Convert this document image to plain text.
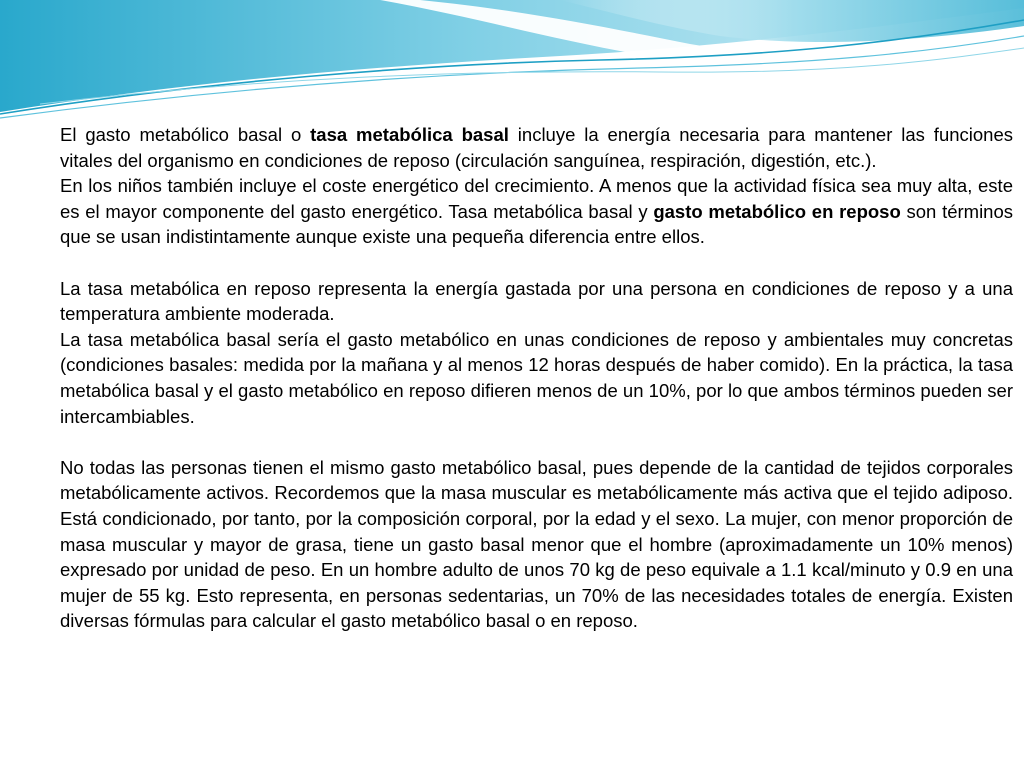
El gasto metabólico basal o tasa metabólica basal incluye la energía necesaria para mantener las funciones vitales del organismo en condiciones de reposo (circulación sanguínea, respiración, digestión, etc.).

En los niños también incluye el coste energético del crecimiento. A menos que la actividad física sea muy alta, este es el mayor componente del gasto energético. Tasa metabólica basal y gasto metabólico en reposo son términos que se usan indistintamente aunque existe una pequeña diferencia entre ellos.

La tasa metabólica en reposo representa la energía gastada por una persona en condiciones de reposo y a una temperatura ambiente moderada.

La tasa metabólica basal sería el gasto metabólico en unas condiciones de reposo y ambientales muy concretas (condiciones basales: medida por la mañana y al menos 12 horas después de haber comido). En la práctica, la tasa metabólica basal y el gasto metabólico en reposo difieren menos de un 10%, por lo que ambos términos pueden ser intercambiables.

No todas las personas tienen el mismo gasto metabólico basal, pues depende de la cantidad de tejidos corporales metabólicamente activos. Recordemos que la masa muscular es metabólicamente más activa que el tejido adiposo. Está condicionado, por tanto, por la composición corporal, por la edad y el sexo. La mujer, con menor proporción de masa muscular y mayor de grasa, tiene un gasto basal menor que el hombre (aproximadamente un 10% menos) expresado por unidad de peso. En un hombre adulto de unos 70 kg de peso equivale a 1.1 kcal/minuto y 0.9 en una mujer de 55 kg. Esto representa, en personas sedentarias, un 70% de las necesidades totales de energía. Existen diversas fórmulas para calcular el gasto metabólico basal o en reposo.
